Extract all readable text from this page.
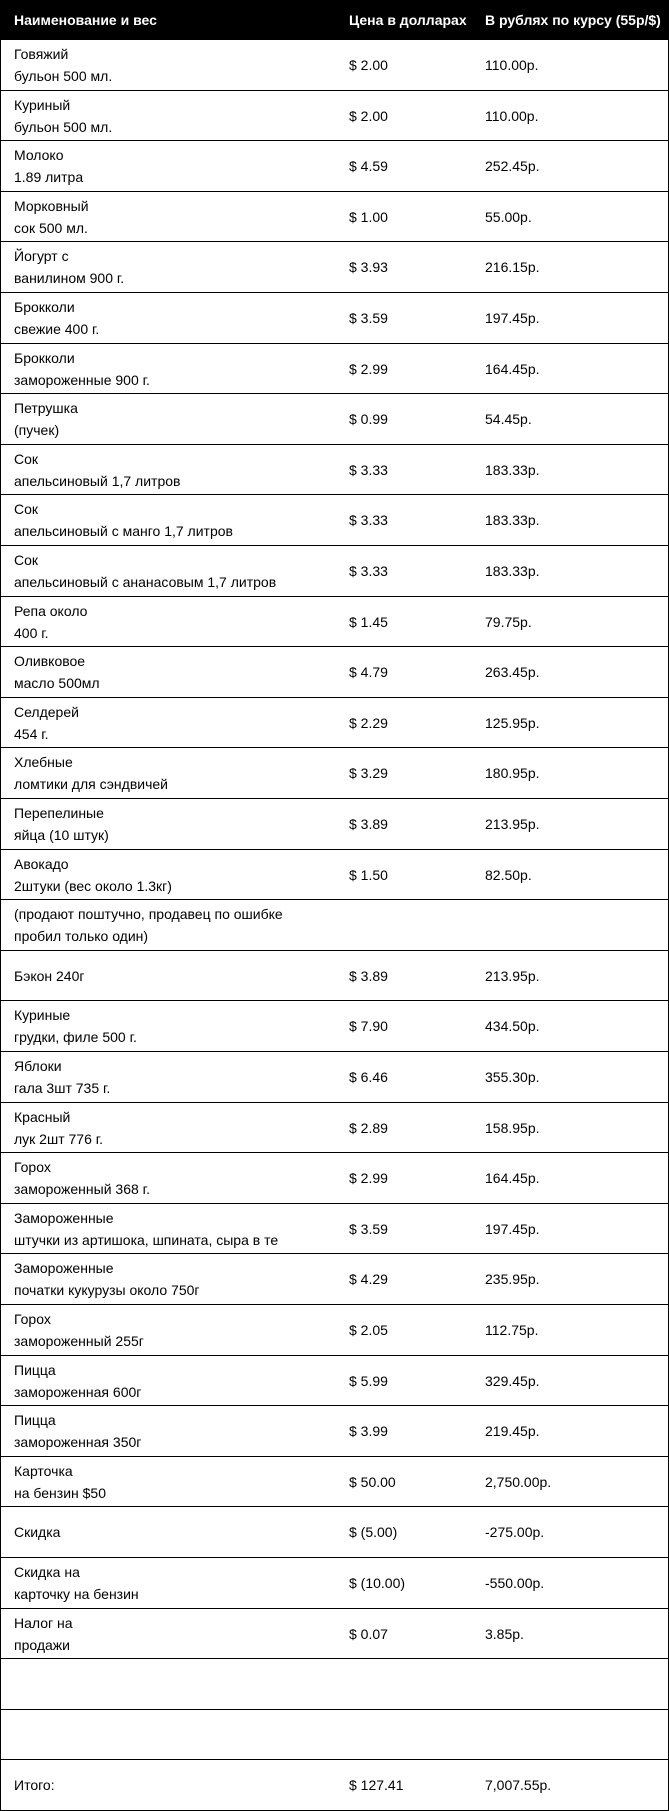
Наименование и вес	Цена в долларах	В рублях по курсу (55р/$)
Говяжий
бульон 500 мл.
$ 2.00	110.00р.
Куриный
бульон 500 мл.
$ 2.00	110.00р.
Молоко
1.89 литра
$ 4.59	252.45р.
Морковный
сок 500 мл.
$ 1.00	55.00р.
Йогурт с
ванилином 900 г.
$ 3.93	216.15р.
Брокколи
свежие 400 г.
$ 3.59	197.45р.
Брокколи
замороженные 900 г.
$ 2.99	164.45р.
Петрушка
(пучек)
$ 0.99	54.45р.
Сок
апельсиновый 1,7 литров
$ 3.33	183.33р.
Сок
апельсиновый с манго 1,7 литров
$ 3.33	183.33р.
Сок
апельсиновый с ананасовым 1,7 литров
$ 3.33	183.33р.
Репа около
400 г.
$ 1.45	79.75р.
Оливковое
масло 500мл
$ 4.79	263.45р.
Селдерей
454 г.
$ 2.29	125.95р.
Хлебные
ломтики для сэндвичей
$ 3.29	180.95р.
Перепелиные
яйца (10 штук)
$ 3.89	213.95р.
Авокадо
2штуки (вес около 1.3кг)
$ 1.50	82.50р.
(продают поштучно, продавец по ошибке
пробил только один)
Бэкон 240г	$ 3.89	213.95р.
Куриные
грудки, филе 500 г.
$ 7.90	434.50р.
Яблоки
гала 3шт 735 г.
$ 6.46	355.30р.
Красный
лук 2шт 776 г.
$ 2.89	158.95р.
Горох
замороженный 368 г.
$ 2.99	164.45р.
Замороженные
штучки из артишока, шпината, сыра в те
$ 3.59	197.45р.
Замороженные
початки кукурузы около 750г
$ 4.29	235.95р.
Горох
замороженный 255г
$ 2.05	112.75р.
Пицца
замороженная 600г
$ 5.99	329.45р.
Пицца
замороженная 350г
$ 3.99	219.45р.
Карточка
на бензин $50
$ 50.00	2,750.00р.
Скидка	$ (5.00)	-275.00р.
Скидка на
карточку на бензин
$ (10.00)	-550.00р.
Налог на
продажи
$ 0.07	3.85р.
Итого:	$ 127.41	7,007.55р.
